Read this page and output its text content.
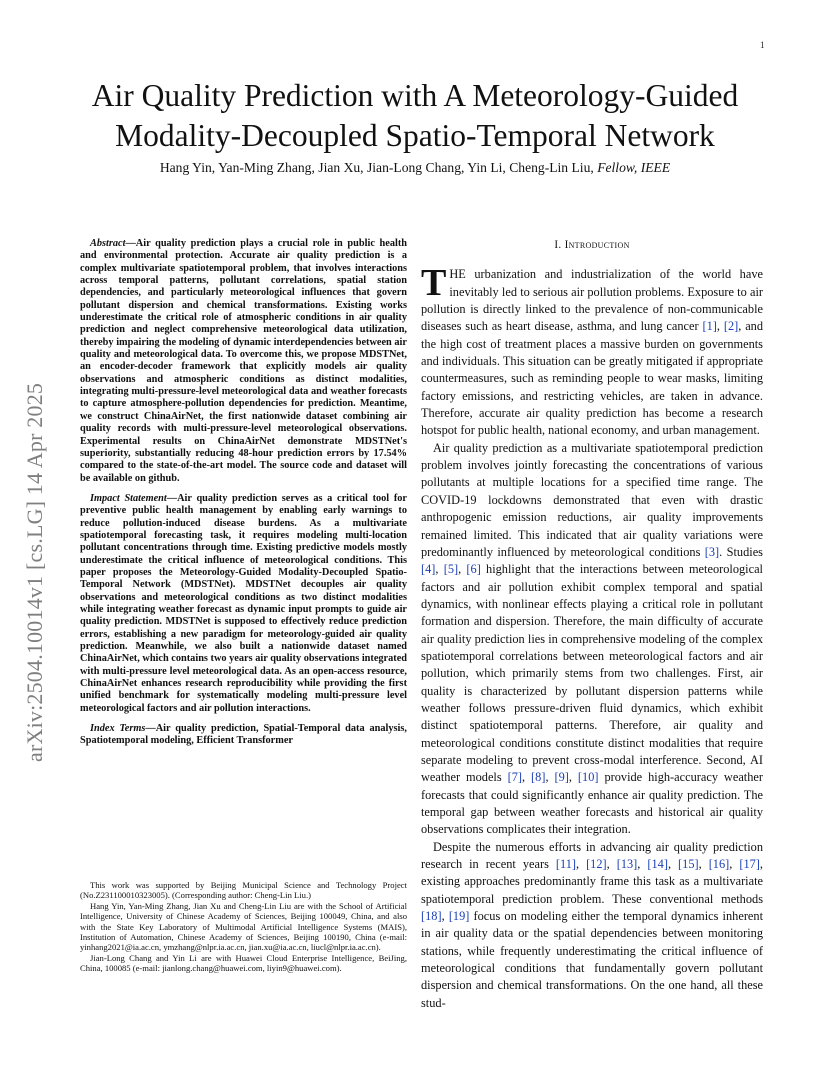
1
arXiv:2504.10014v1 [cs.LG] 14 Apr 2025
Air Quality Prediction with A Meteorology-Guided
Modality-Decoupled Spatio-Temporal Network
Hang Yin, Yan-Ming Zhang, Jian Xu, Jian-Long Chang, Yin Li, Cheng-Lin Liu, Fellow, IEEE

Abstract—Air quality prediction plays a crucial role in public health and environmental protection. Accurate air quality prediction is a complex multivariate spatiotemporal problem, that involves interactions across temporal patterns, pollutant correlations, spatial station dependencies, and particularly meteorological influences that govern pollutant dispersion and chemical transformations. Existing works underestimate the critical role of atmospheric conditions in air quality prediction and neglect comprehensive meteorological data utilization, thereby impairing the modeling of dynamic interdependencies between air quality and meteorological data. To overcome this, we propose MDSTNet, an encoder-decoder framework that explicitly models air quality observations and atmospheric conditions as distinct modalities, integrating multi-pressure-level meteorological data and weather forecasts to capture atmosphere-pollution dependencies for prediction. Meantime, we construct ChinaAirNet, the first nationwide dataset combining air quality records with multi-pressure-level meteorological observations. Experimental results on ChinaAirNet demonstrate MDSTNet's superiority, substantially reducing 48-hour prediction errors by 17.54% compared to the state-of-the-art model. The source code and dataset will be available on github.

Impact Statement—Air quality prediction serves as a critical tool for preventive public health management by enabling early warnings to reduce pollution-induced disease burdens. As a multivariate spatiotemporal forecasting task, it requires modeling multi-location pollutant concentrations through time. Existing predictive models mostly underestimate the critical influence of meteorological conditions. This paper proposes the Meteorology-Guided Modality-Decoupled Spatio-Temporal Network (MDSTNet). MDSTNet decouples air quality observations and meteorological conditions as two distinct modalities while integrating weather forecast as dynamic input prompts to guide air quality prediction. MDSTNet is supposed to effectively reduce prediction errors, establishing a new paradigm for meteorology-guided air quality prediction. Meanwhile, we also built a nationwide dataset named ChinaAirNet, which contains two years air quality observations integrated with multi-pressure level meteorological data. As an open-access resource, ChinaAirNet enhances research reproducibility while providing the first unified benchmark for systematically modeling multi-pressure level meteorological factors and air pollution interactions.

Index Terms—Air quality prediction, Spatial-Temporal data analysis, Spatiotemporal modeling, Efficient Transformer

This work was supported by Beijing Municipal Science and Technology Project (No.Z231100010323005). (Corresponding author: Cheng-Lin Liu.)

Hang Yin, Yan-Ming Zhang, Jian Xu and Cheng-Lin Liu are with the School of Artificial Intelligence, University of Chinese Academy of Sciences, Beijing 100049, China, and also with the State Key Laboratory of Multimodal Artificial Intelligence Systems (MAIS), Institution of Automation, Chinese Academy of Sciences, Beijing 100190, China (e-mail: yinhang2021@ia.ac.cn, ymzhang@nlpr.ia.ac.cn, jian.xu@ia.ac.cn, liucl@nlpr.ia.ac.cn).

Jian-Long Chang and Yin Li are with Huawei Cloud Enterprise Intelligence, BeiJing, China, 100085 (e-mail: jianlong.chang@huawei.com, liyin9@huawei.com).

I. Introduction

THE urbanization and industrialization of the world have inevitably led to serious air pollution problems. Exposure to air pollution is directly linked to the prevalence of non-communicable diseases such as heart disease, asthma, and lung cancer [1], [2], and the high cost of treatment places a massive burden on governments and individuals. This situation can be greatly mitigated if appropriate countermeasures, such as reminding people to wear masks, limiting factory emissions, and restricting vehicles, are taken in advance. Therefore, accurate air quality prediction has become a research hotspot for public health, national economy, and urban management.

Air quality prediction as a multivariate spatiotemporal prediction problem involves jointly forecasting the concentrations of various pollutants at multiple locations for a specified time range. The COVID-19 lockdowns demonstrated that even with drastic anthropogenic emission reductions, air quality improvements remained limited. This indicated that air quality variations were predominantly influenced by meteorological conditions [3]. Studies [4], [5], [6] highlight that the interactions between meteorological factors and air pollution exhibit complex temporal and spatial dynamics, with nonlinear effects playing a critical role in pollutant formation and dispersion. Therefore, the main difficulty of accurate air quality prediction lies in comprehensive modeling of the complex spatiotemporal correlations between meteorological factors and air pollution, which primarily stems from two challenges. First, air quality is characterized by pollutant dispersion patterns while weather follows pressure-driven fluid dynamics, which exhibit distinct spatiotemporal patterns. Therefore, air quality and meteorological conditions constitute distinct modalities that require separate modeling to prevent cross-modal interference. Second, AI weather models [7], [8], [9], [10] provide high-accuracy weather forecasts that could significantly enhance air quality prediction. The temporal gap between weather forecasts and historical air quality observations complicates their integration.

Despite the numerous efforts in advancing air quality prediction research in recent years [11], [12], [13], [14], [15], [16], [17], existing approaches predominantly frame this task as a multivariate spatiotemporal prediction problem. These conventional methods [18], [19] focus on modeling either the temporal dynamics inherent in air quality data or the spatial dependencies between monitoring stations, while frequently underestimating the critical influence of meteorological conditions that fundamentally govern pollutant dispersion and chemical transformations. On the one hand, all these stud-
